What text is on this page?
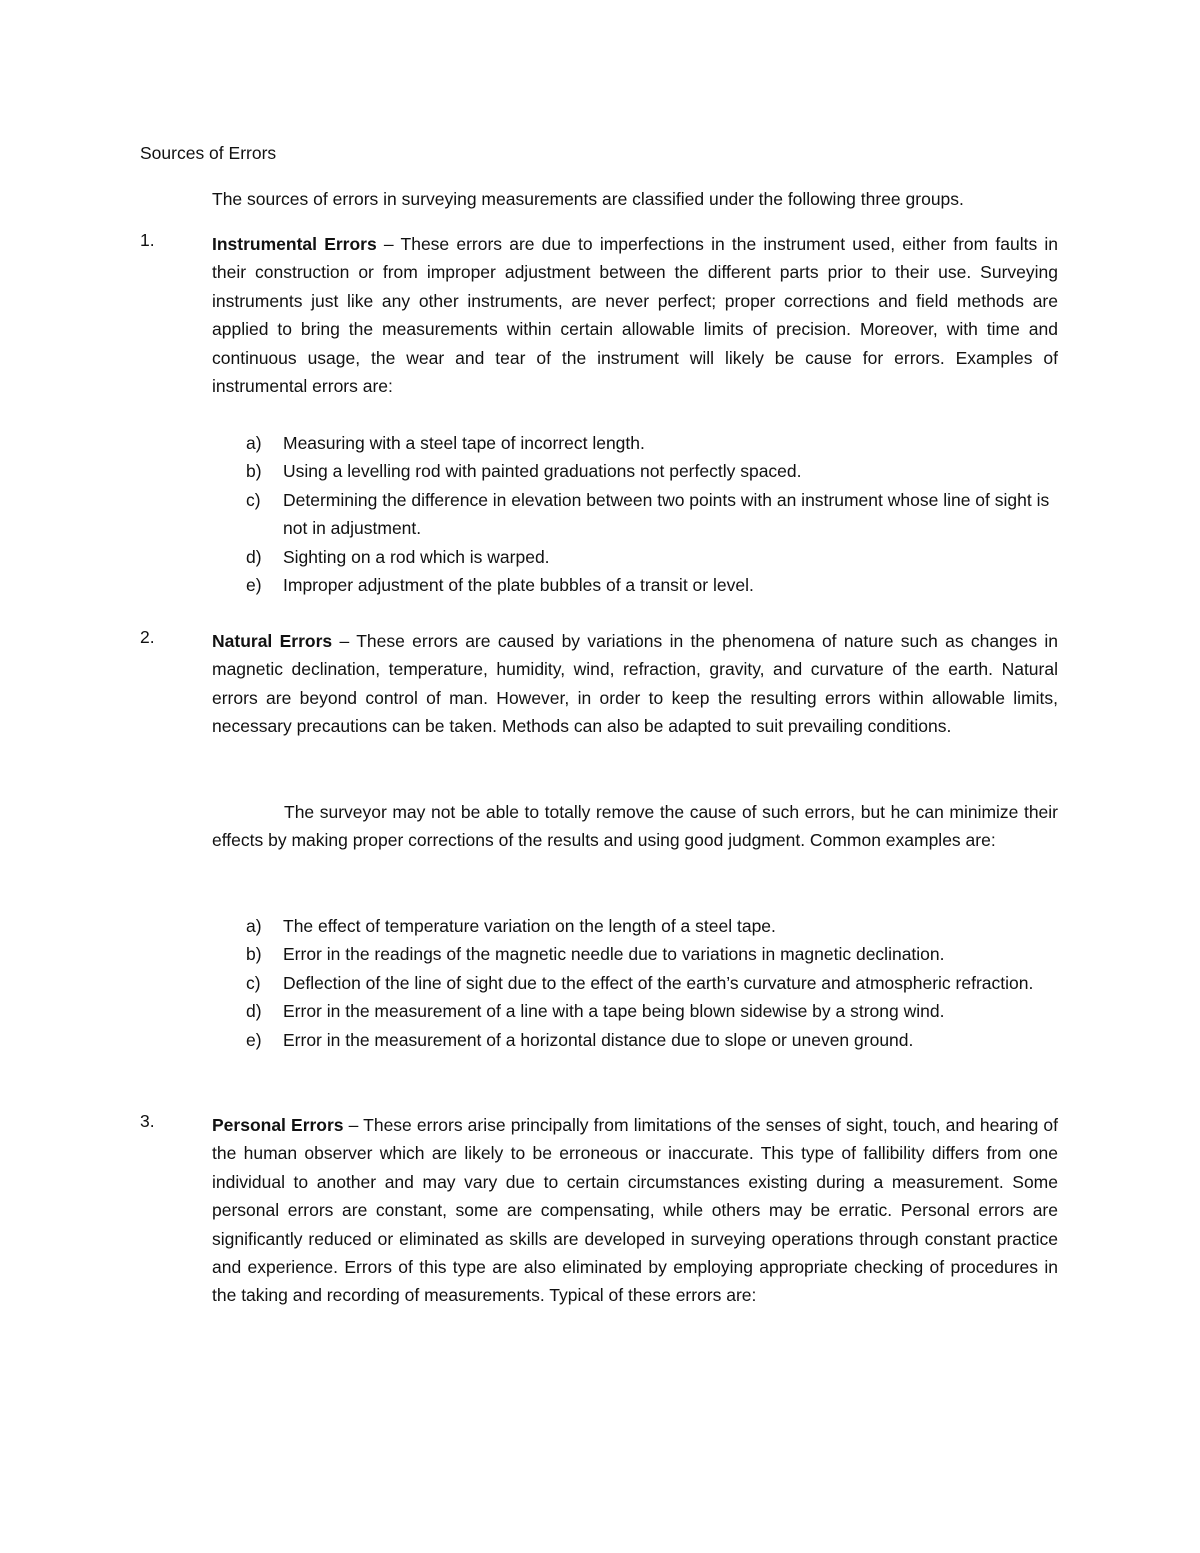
Sources of Errors
The sources of errors in surveying measurements are classified under the following three groups.
1.	Instrumental Errors – These errors are due to imperfections in the instrument used, either from faults in their construction or from improper adjustment between the different parts prior to their use. Surveying instruments just like any other instruments, are never perfect; proper corrections and field methods are applied to bring the measurements within certain allowable limits of precision. Moreover, with time and continuous usage, the wear and tear of the instrument will likely be cause for errors. Examples of instrumental errors are:
a) Measuring with a steel tape of incorrect length.
b) Using a levelling rod with painted graduations not perfectly spaced.
c) Determining the difference in elevation between two points with an instrument whose line of sight is not in adjustment.
d) Sighting on a rod which is warped.
e) Improper adjustment of the plate bubbles of a transit or level.
2.	Natural Errors – These errors are caused by variations in the phenomena of nature such as changes in magnetic declination, temperature, humidity, wind, refraction, gravity, and curvature of the earth. Natural errors are beyond control of man. However, in order to keep the resulting errors within allowable limits, necessary precautions can be taken. Methods can also be adapted to suit prevailing conditions.
The surveyor may not be able to totally remove the cause of such errors, but he can minimize their effects by making proper corrections of the results and using good judgment. Common examples are:
a) The effect of temperature variation on the length of a steel tape.
b) Error in the readings of the magnetic needle due to variations in magnetic declination.
c) Deflection of the line of sight due to the effect of the earth’s curvature and atmospheric refraction.
d) Error in the measurement of a line with a tape being blown sidewise by a strong wind.
e) Error in the measurement of a horizontal distance due to slope or uneven ground.
3.	Personal Errors – These errors arise principally from limitations of the senses of sight, touch, and hearing of the human observer which are likely to be erroneous or inaccurate. This type of fallibility differs from one individual to another and may vary due to certain circumstances existing during a measurement. Some personal errors are constant, some are compensating, while others may be erratic. Personal errors are significantly reduced or eliminated as skills are developed in surveying operations through constant practice and experience. Errors of this type are also eliminated by employing appropriate checking of procedures in the taking and recording of measurements. Typical of these errors are:
